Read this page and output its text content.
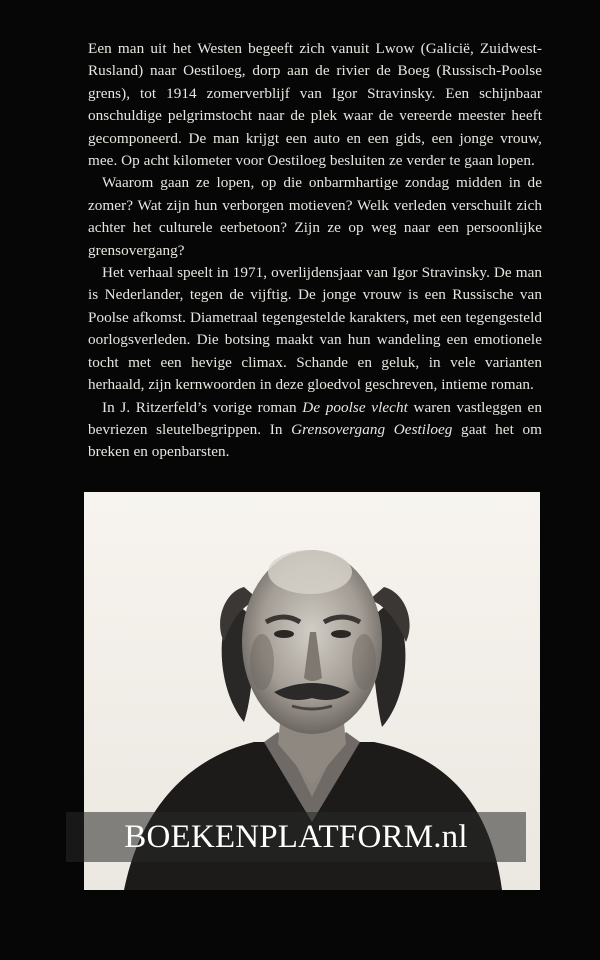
Een man uit het Westen begeeft zich vanuit Lwow (Galicië, Zuidwest-Rusland) naar Oestiloeg, dorp aan de rivier de Boeg (Russisch-Poolse grens), tot 1914 zomerverblijf van Igor Stravinsky. Een schijnbaar onschuldige pelgrimstocht naar de plek waar de vereerde meester heeft gecomponeerd. De man krijgt een auto en een gids, een jonge vrouw, mee. Op acht kilometer voor Oestiloeg besluiten ze verder te gaan lopen.

Waarom gaan ze lopen, op die onbarmhartige zondag midden in de zomer? Wat zijn hun verborgen motieven? Welk verleden verschuilt zich achter het culturele eerbetoon? Zijn ze op weg naar een persoonlijke grensovergang?

Het verhaal speelt in 1971, overlijdensjaar van Igor Stravinsky. De man is Nederlander, tegen de vijftig. De jonge vrouw is een Russische van Poolse afkomst. Diametraal tegengestelde karakters, met een tegengesteld oorlogsverleden. Die botsing maakt van hun wandeling een emotionele tocht met een hevige climax. Schande en geluk, in vele varianten herhaald, zijn kernwoorden in deze gloedvol geschreven, intieme roman.

In J. Ritzerfeld’s vorige roman De poolse vlecht waren vastleggen en bevriezen sleutelbegrippen. In Grensovergang Oestiloeg gaat het om breken en openbarsten.

BOEKENPLATFORM.nl
